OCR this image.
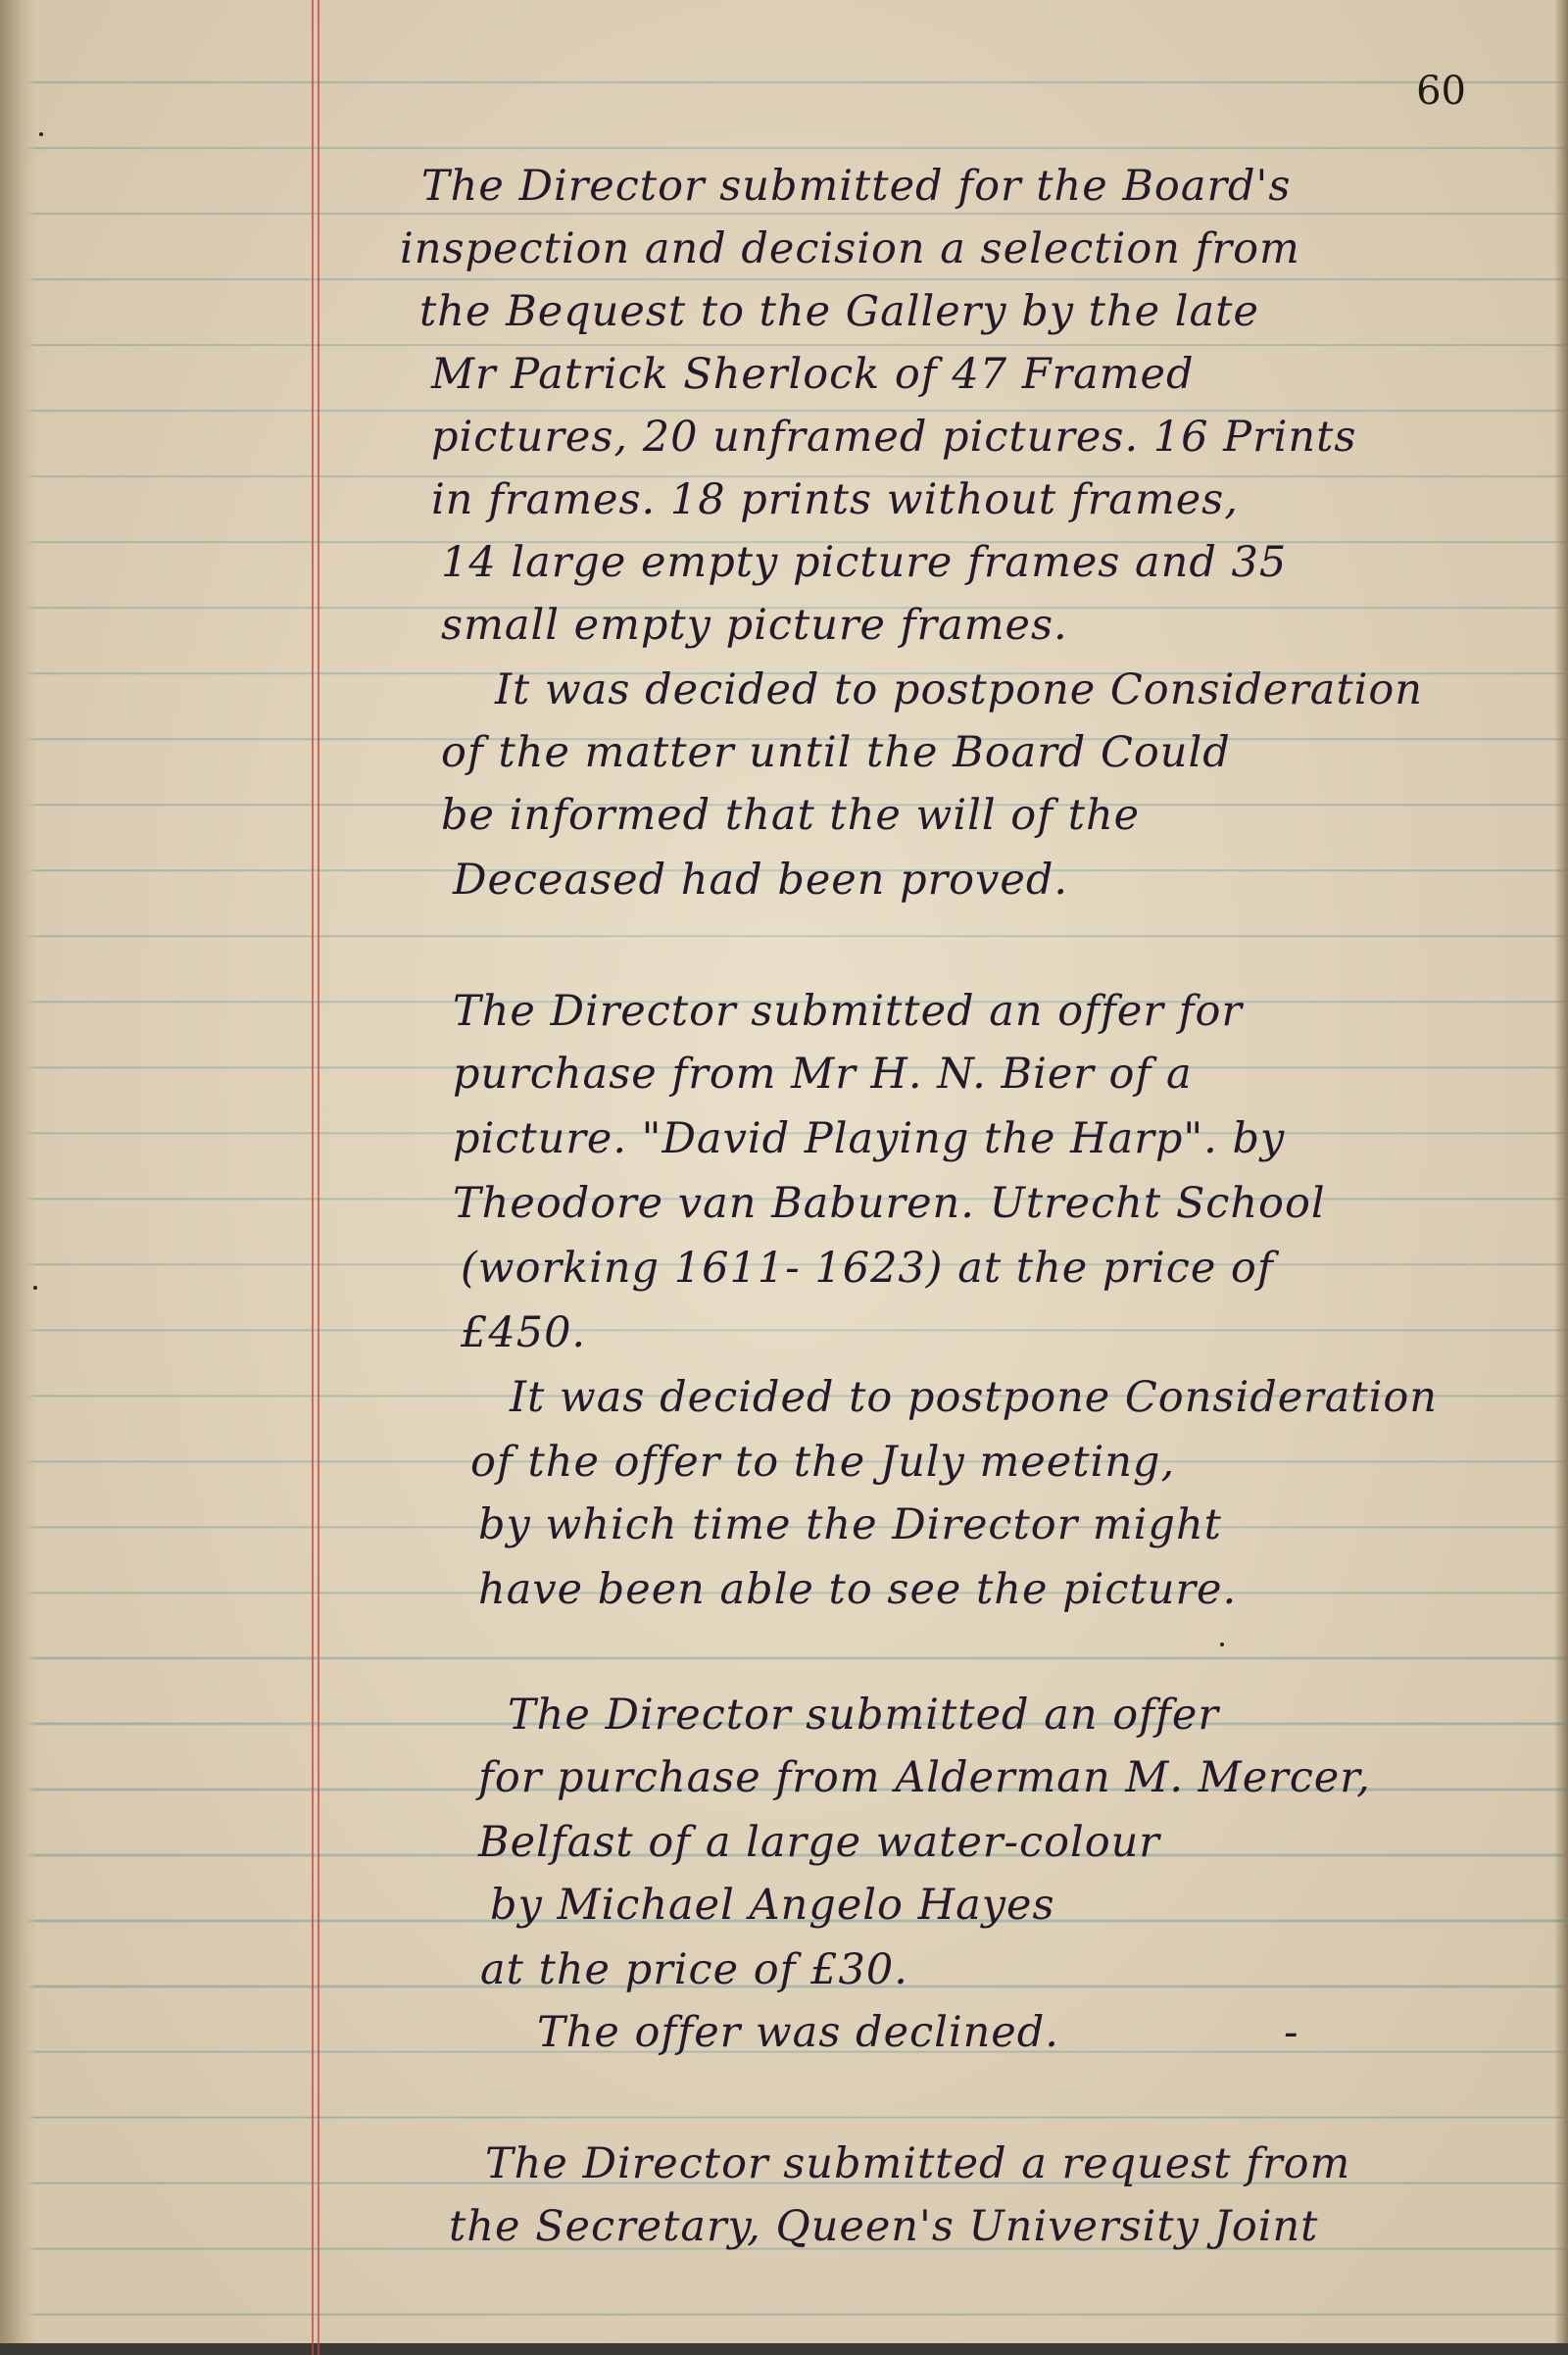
60

The Director submitted for the Board's

inspection and decision a selection from

the Bequest to the Gallery by the late

Mr Patrick Sherlock of 47 Framed

pictures, 20 unframed pictures. 16 Prints

in frames. 18 prints without frames,

14 large empty picture frames and 35

small empty picture frames.

It was decided to postpone Consideration

of the matter until the Board Could

be informed that the will of the

Deceased had been proved.

The Director submitted an offer for

purchase from Mr H. N. Bier of a

picture. "David Playing the Harp". by

Theodore van Baburen. Utrecht School

(working 1611- 1623) at the price of

£450.

It was decided to postpone Consideration

of the offer to the July meeting,

by which time the Director might

have been able to see the picture.

The Director submitted an offer

for purchase from Alderman M. Mercer,

Belfast of a large water-colour

by Michael Angelo Hayes

at the price of £30.

The offer was declined.	-

The Director submitted a request from

the Secretary, Queen's University Joint
